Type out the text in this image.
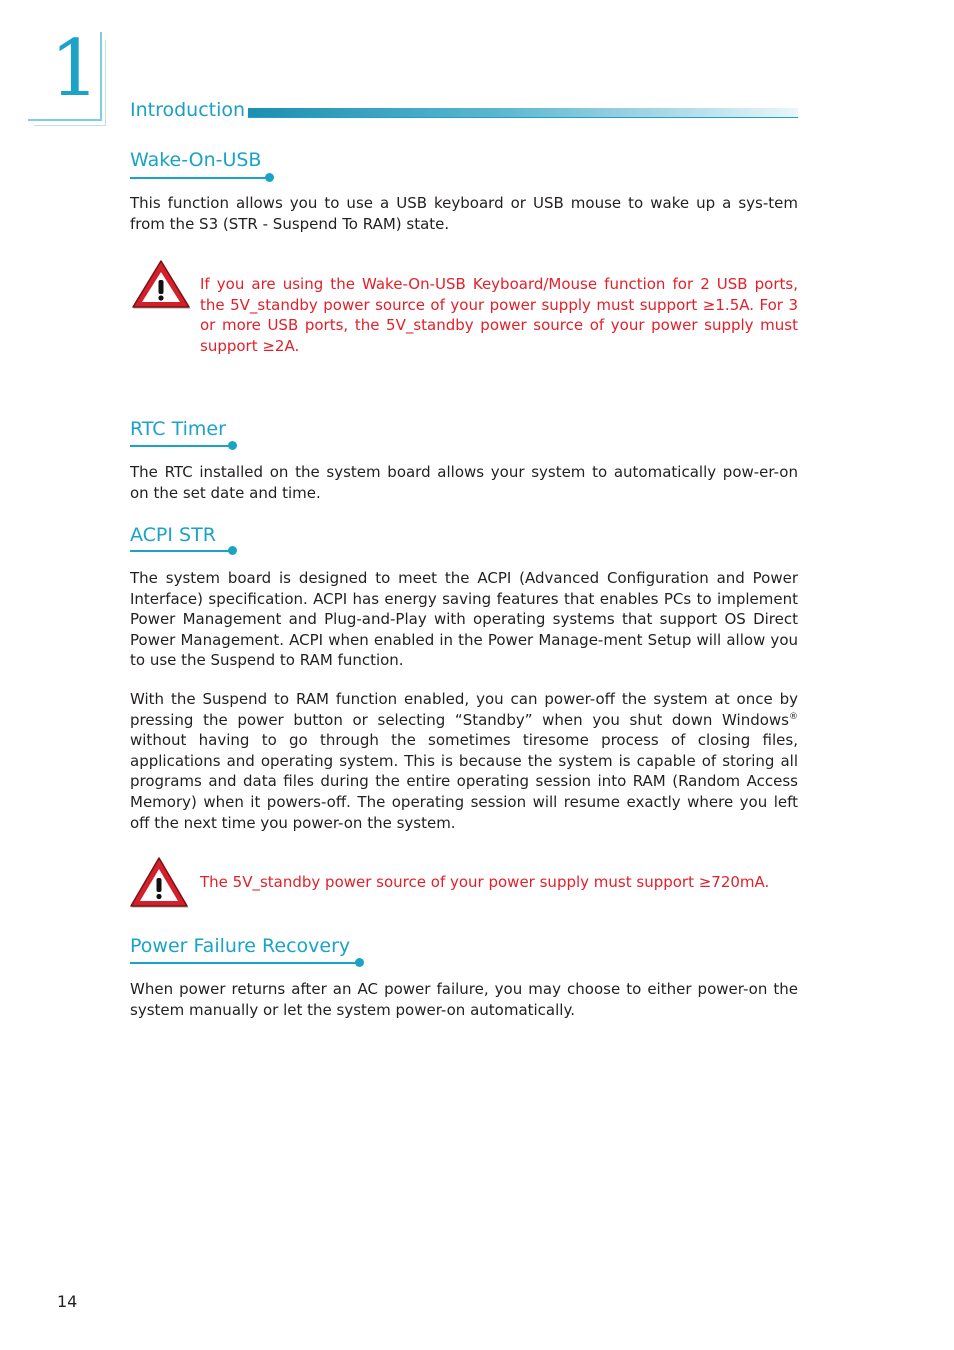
1 Introduction
Wake-On-USB

This function allows you to use a USB keyboard or USB mouse to wake up a sys-tem from the S3 (STR - Suspend To RAM) state.

If you are using the Wake-On-USB Keyboard/Mouse function for 2 USB ports, the 5V_standby power source of your power supply must support ≥1.5A. For 3 or more USB ports, the 5V_standby power source of your power supply must support ≥2A.

RTC Timer

The RTC installed on the system board allows your system to automatically pow-er-on on the set date and time.

ACPI STR

The system board is designed to meet the ACPI (Advanced Configuration and Power Interface) specification. ACPI has energy saving features that enables PCs to implement Power Management and Plug-and-Play with operating systems that support OS Direct Power Management. ACPI when enabled in the Power Manage-ment Setup will allow you to use the Suspend to RAM function.

With the Suspend to RAM function enabled, you can power-off the system at once by pressing the power button or selecting “Standby” when you shut down Windows® without having to go through the sometimes tiresome process of closing files, applications and operating system. This is because the system is capable of storing all programs and data files during the entire operating session into RAM (Random Access Memory) when it powers-off. The operating session will resume exactly where you left off the next time you power-on the system.

The 5V_standby power source of your power supply must support ≥720mA.

Power Failure Recovery

When power returns after an AC power failure, you may choose to either power-on the system manually or let the system power-on automatically.

14
